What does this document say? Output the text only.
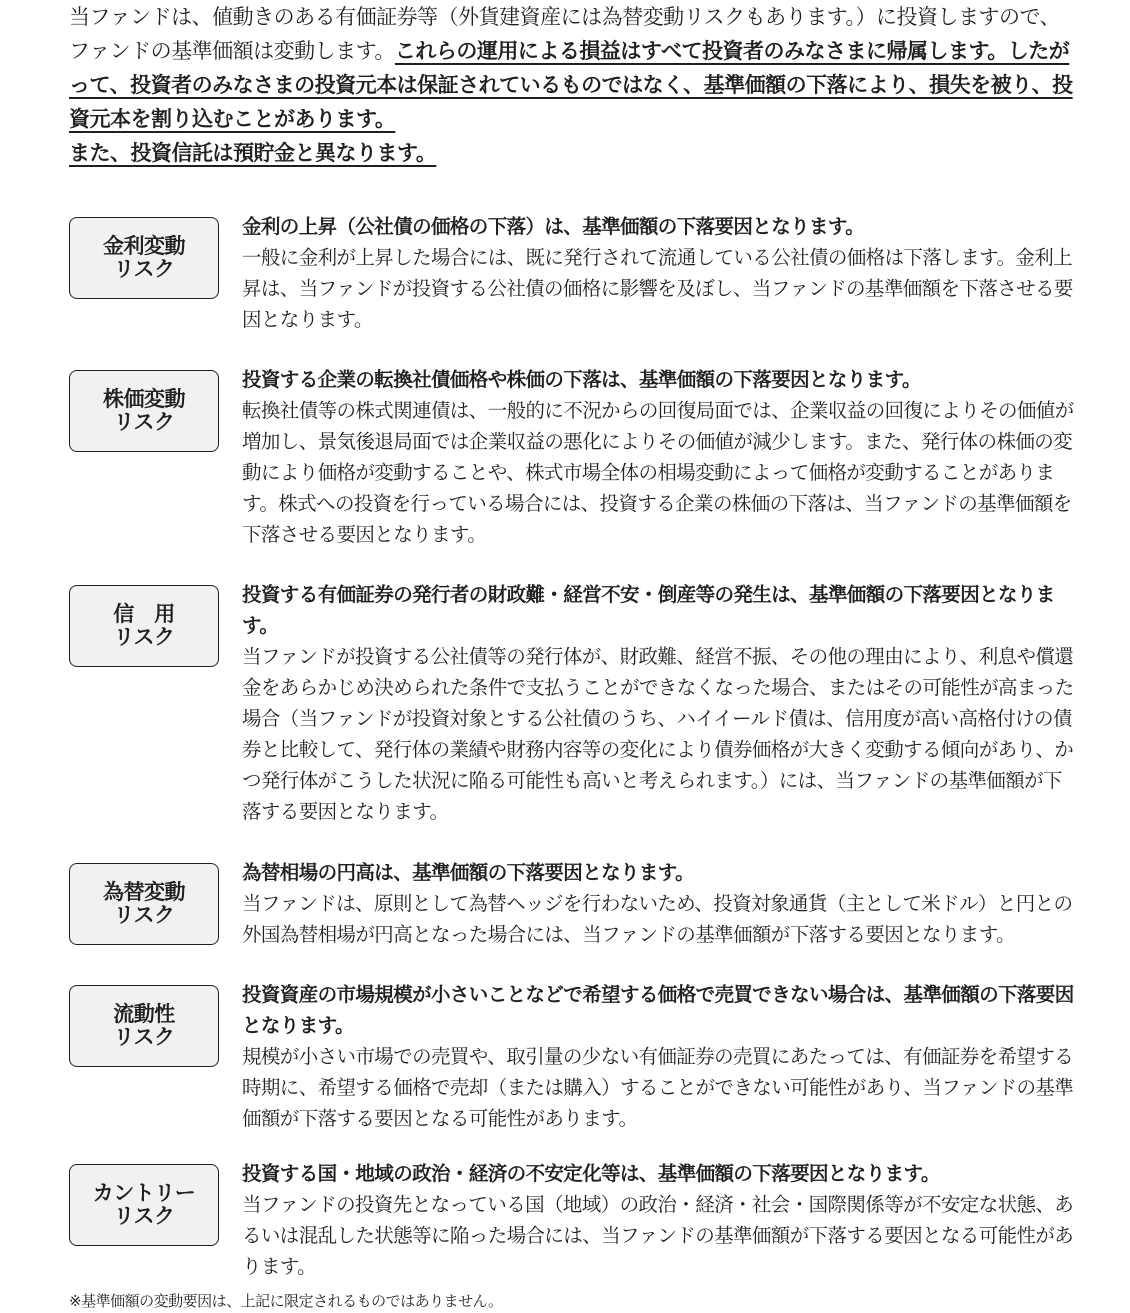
当ファンドは、値動きのある有価証券等（外貨建資産には為替変動リスクもあります。）に投資しますので、ファンドの基準価額は変動します。これらの運用による損益はすべて投資者のみなさまに帰属します。したがって、投資者のみなさまの投資元本は保証されているものではなく、基準価額の下落により、損失を被り、投資元本を割り込むことがあります。

また、投資信託は預貯金と異なります。

金利変動
リスク

金利の上昇（公社債の価格の下落）は、基準価額の下落要因となります。

一般に金利が上昇した場合には、既に発行されて流通している公社債の価格は下落します。金利上昇は、当ファンドが投資する公社債の価格に影響を及ぼし、当ファンドの基準価額を下落させる要因となります。

株価変動
リスク

投資する企業の転換社債価格や株価の下落は、基準価額の下落要因となります。

転換社債等の株式関連債は、一般的に不況からの回復局面では、企業収益の回復によりその価値が増加し、景気後退局面では企業収益の悪化によりその価値が減少します。また、発行体の株価の変動により価格が変動することや、株式市場全体の相場変動によって価格が変動することがあります。株式への投資を行っている場合には、投資する企業の株価の下落は、当ファンドの基準価額を下落させる要因となります。

信　用
リスク

投資する有価証券の発行者の財政難・経営不安・倒産等の発生は、基準価額の下落要因となります。

当ファンドが投資する公社債等の発行体が、財政難、経営不振、その他の理由により、利息や償還金をあらかじめ決められた条件で支払うことができなくなった場合、またはその可能性が高まった場合（当ファンドが投資対象とする公社債のうち、ハイイールド債は、信用度が高い高格付けの債券と比較して、発行体の業績や財務内容等の変化により債券価格が大きく変動する傾向があり、かつ発行体がこうした状況に陥る可能性も高いと考えられます。）には、当ファンドの基準価額が下落する要因となります。

為替変動
リスク

為替相場の円高は、基準価額の下落要因となります。

当ファンドは、原則として為替ヘッジを行わないため、投資対象通貨（主として米ドル）と円との外国為替相場が円高となった場合には、当ファンドの基準価額が下落する要因となります。

流動性
リスク

投資資産の市場規模が小さいことなどで希望する価格で売買できない場合は、基準価額の下落要因となります。

規模が小さい市場での売買や、取引量の少ない有価証券の売買にあたっては、有価証券を希望する時期に、希望する価格で売却（または購入）することができない可能性があり、当ファンドの基準価額が下落する要因となる可能性があります。

カントリー
リスク

投資する国・地域の政治・経済の不安定化等は、基準価額の下落要因となります。

当ファンドの投資先となっている国（地域）の政治・経済・社会・国際関係等が不安定な状態、あるいは混乱した状態等に陥った場合には、当ファンドの基準価額が下落する要因となる可能性があります。

※基準価額の変動要因は、上記に限定されるものではありません。
